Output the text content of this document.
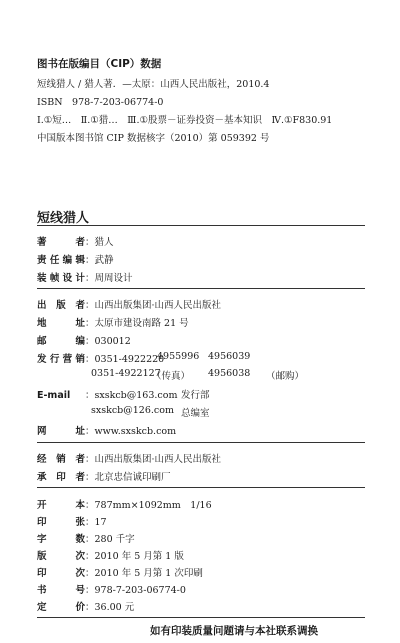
图书在版编目（CIP）数据
短线猎人 / 猎人著．—太原：山西人民出版社，2010.4
ISBN　978-7-203-06774-0
Ⅰ.①短…　Ⅱ.①猎…　Ⅲ.①股票－证券投资－基本知识　Ⅳ.①F830.91
中国版本图书馆 CIP 数据核字（2010）第 059392 号
短线猎人
著者：猎人
责任编辑：武静
装帧设计：周周设计
出版者：山西出版集团·山西人民出版社
地址：太原市建设南路 21 号
邮编：030012
发行营销：0351-4922220
4955996 4956039
0351-4922127
（传真） 4956038 （邮购）
E-mail ：sxskcb@163.com 发行部
sxskcb@126.com 总编室
网址：www.sxskcb.com
经销者：山西出版集团·山西人民出版社
承印者：北京忠信诚印刷厂
开本：787mm×1092mm　1/16
印张：17
字数：280 千字
版次：2010 年 5 月第 1 版
印次：2010 年 5 月第 1 次印刷
书号：978-7-203-06774-0
定价：36.00 元
如有印装质量问题请与本社联系调换
